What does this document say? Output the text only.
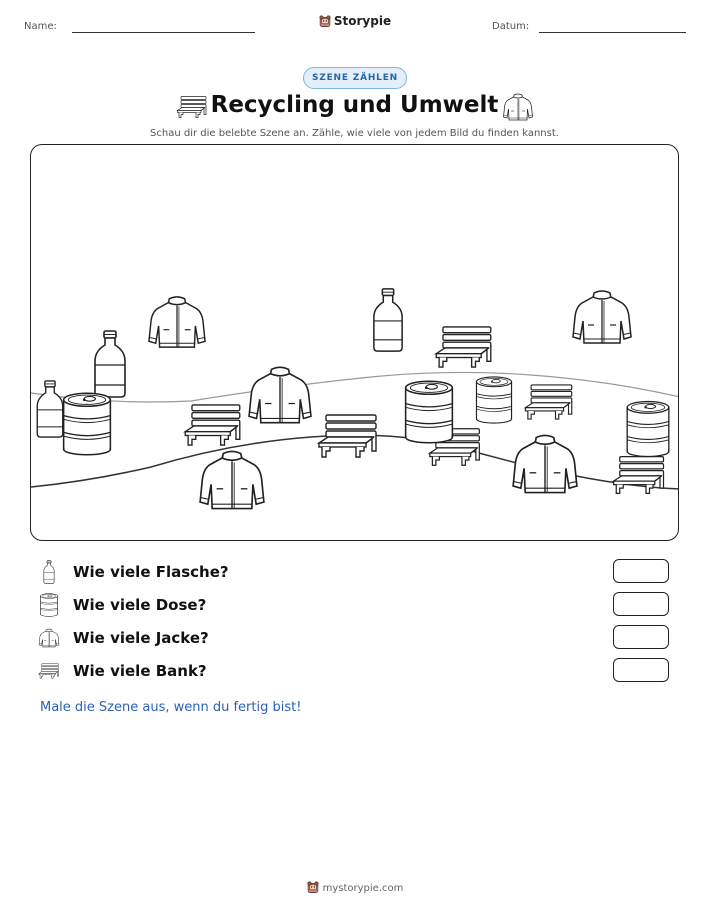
Name:	Storypie	Datum:
SZENE ZÄHLEN
Recycling und Umwelt
Schau dir die belebte Szene an. Zähle, wie viele von jedem Bild du finden kannst.
Wie viele Flasche?
Wie viele Dose?
Wie viele Jacke?
Wie viele Bank?
Male die Szene aus, wenn du fertig bist!
mystorypie.com
